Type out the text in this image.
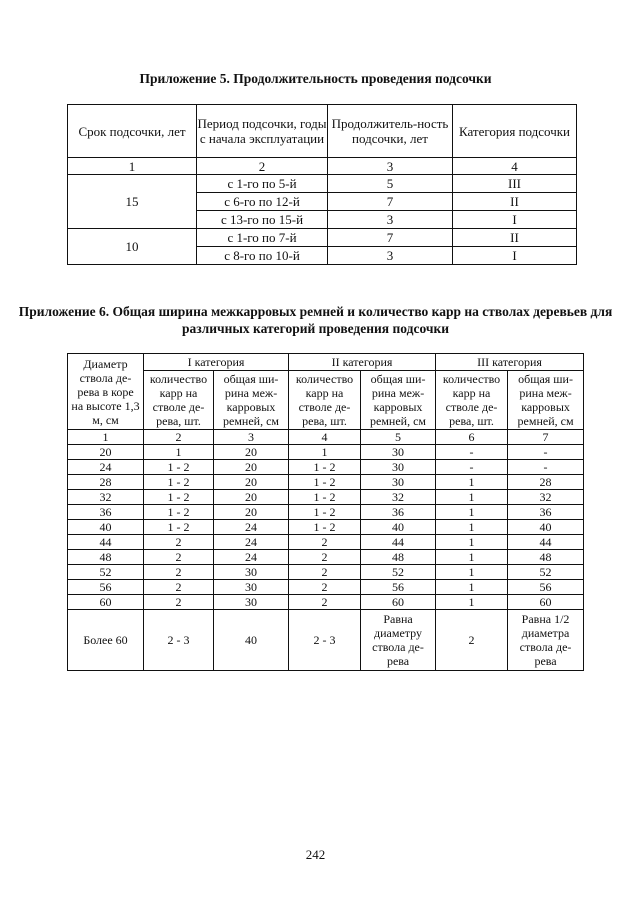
Приложение 5. Продолжительность проведения подсочки
Срок подсочки, лет	Период подсочки, годы с начала эксплуатации	Продолжитель-ность подсочки, лет	Категория подсочки
1	2	3	4
15	с 1-го по 5-й	5	III
	с 6-го по 12-й	7	II
	с 13-го по 15-й	3	I
10	с 1-го по 7-й	7	II
	с 8-го по 10-й	3	I
Приложение 6. Общая ширина межкарровых ремней и количество карр на стволах деревьев для различных категорий проведения подсочки
Диаметр ствола де-рева в коре на высоте 1,3 м, см	I категория		II категория		III категория	
	количество карр на стволе де-рева, шт.	общая ши-рина меж-карровых ремней, см	количество карр на стволе де-рева, шт.	общая ши-рина меж-карровых ремней, см	количество карр на стволе де-рева, шт.	общая ши-рина меж-карровых ремней, см
1	2	3	4	5	6	7
20	1	20	1	30	-	-
24	1 - 2	20	1 - 2	30	-	-
28	1 - 2	20	1 - 2	30	1	28
32	1 - 2	20	1 - 2	32	1	32
36	1 - 2	20	1 - 2	36	1	36
40	1 - 2	24	1 - 2	40	1	40
44	2	24	2	44	1	44
48	2	24	2	48	1	48
52	2	30	2	52	1	52
56	2	30	2	56	1	56
60	2	30	2	60	1	60
Более 60	2 - 3	40	2 - 3	Равна диаметру ствола де-рева	2	Равна 1/2 диаметра ствола де-рева
242
